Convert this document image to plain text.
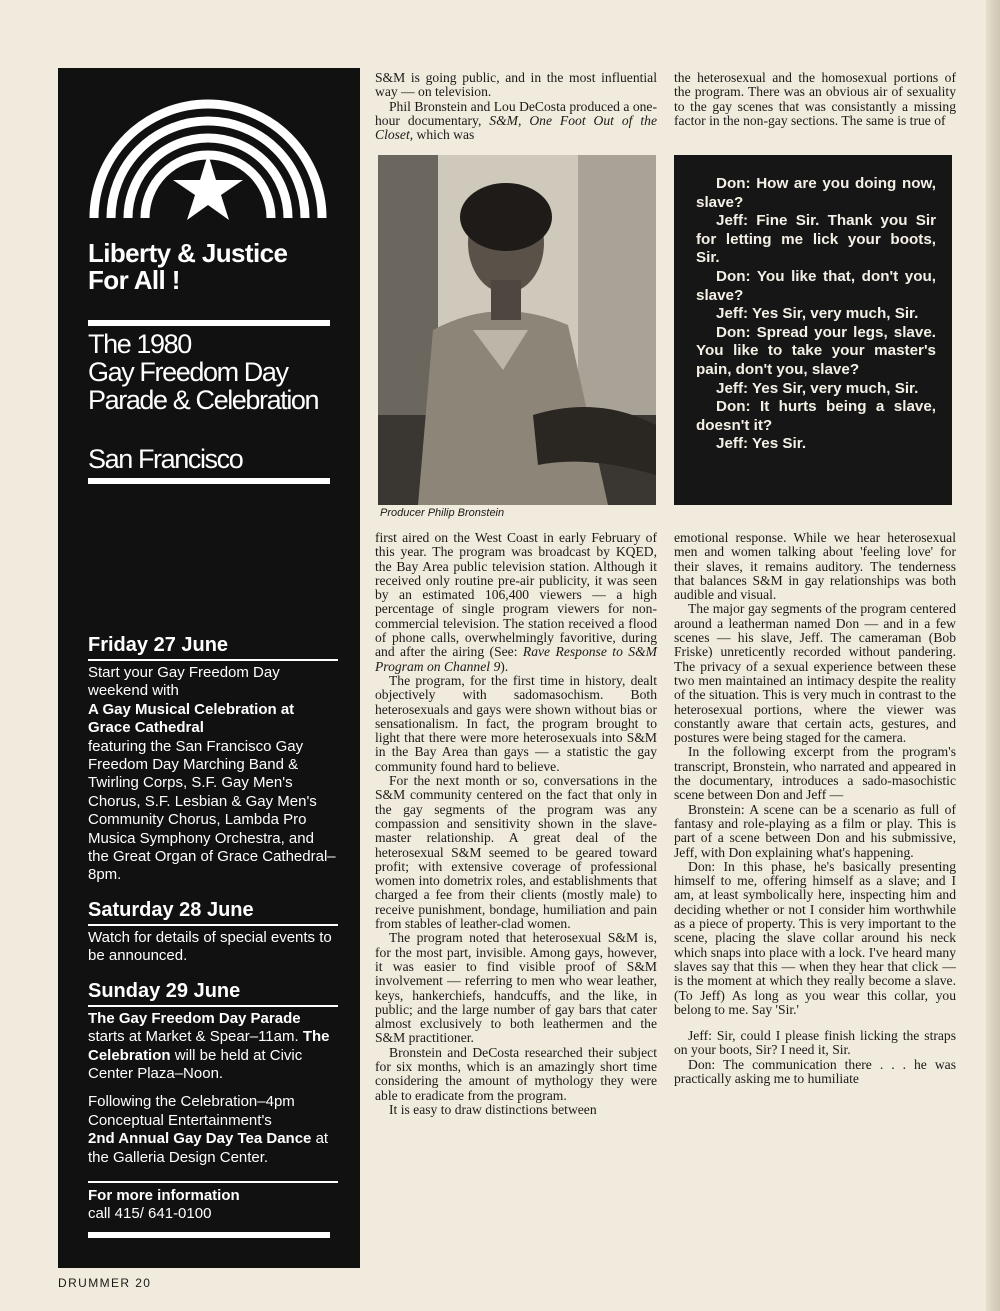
Liberty & Justice
For All !
The 1980
Gay Freedom Day
Parade & Celebration
San Francisco
Friday 27 June

Start your Gay Freedom Day weekend with
A Gay Musical Celebration at Grace Cathedral
featuring the San Francisco Gay Freedom Day Marching Band & Twirling Corps, S.F. Gay Men's Chorus, S.F. Lesbian & Gay Men's Community Chorus, Lambda Pro Musica Symphony Orchestra, and the Great Organ of Grace Cathedral–8pm.

Saturday 28 June

Watch for details of special events to be announced.

Sunday 29 June

The Gay Freedom Day Parade starts at Market & Spear–11am. The Celebration will be held at Civic Center Plaza–Noon.

Following the Celebration–4pm Conceptual Entertainment's
2nd Annual Gay Day Tea Dance at the Galleria Design Center.

For more information
call 415/ 641-0100

S&M is going public, and in the most influential way — on television.

Phil Bronstein and Lou DeCosta produced a one-hour documentary, S&M, One Foot Out of the Closet, which was

Producer Philip Bronstein

first aired on the West Coast in early February of this year. The program was broadcast by KQED, the Bay Area public television station. Although it received only routine pre-air publicity, it was seen by an estimated 106,400 viewers — a high percentage of single program viewers for non-commercial television. The station received a flood of phone calls, overwhelmingly favoritive, during and after the airing (See: Rave Response to S&M Program on Channel 9).

The program, for the first time in history, dealt objectively with sadomasochism. Both heterosexuals and gays were shown without bias or sensationalism. In fact, the program brought to light that there were more heterosexuals into S&M in the Bay Area than gays — a statistic the gay community found hard to believe.

For the next month or so, conversations in the S&M community centered on the fact that only in the gay segments of the program was any compassion and sensitivity shown in the slave-master relationship. A great deal of the heterosexual S&M seemed to be geared toward profit; with extensive coverage of professional women into dometrix roles, and establishments that charged a fee from their clients (mostly male) to receive punishment, bondage, humiliation and pain from stables of leather-clad women.

The program noted that heterosexual S&M is, for the most part, invisible. Among gays, however, it was easier to find visible proof of S&M involvement — referring to men who wear leather, keys, hankerchiefs, handcuffs, and the like, in public; and the large number of gay bars that cater almost exclusively to both leathermen and the S&M practitioner.

Bronstein and DeCosta researched their subject for six months, which is an amazingly short time considering the amount of mythology they were able to eradicate from the program.

It is easy to draw distinctions between

the heterosexual and the homosexual portions of the program. There was an obvious air of sexuality to the gay scenes that was consistantly a missing factor in the non-gay sections. The same is true of

Don: How are you doing now, slave?
Jeff: Fine Sir. Thank you Sir for letting me lick your boots, Sir.
Don: You like that, don't you, slave?
Jeff: Yes Sir, very much, Sir.
Don: Spread your legs, slave. You like to take your master's pain, don't you, slave?
Jeff: Yes Sir, very much, Sir.
Don: It hurts being a slave, doesn't it?
Jeff: Yes Sir.

emotional response. While we hear heterosexual men and women talking about 'feeling love' for their slaves, it remains auditory. The tenderness that balances S&M in gay relationships was both audible and visual.

The major gay segments of the program centered around a leatherman named Don — and in a few scenes — his slave, Jeff. The cameraman (Bob Friske) unreticently recorded without pandering. The privacy of a sexual experience between these two men maintained an intimacy despite the reality of the situation. This is very much in contrast to the heterosexual portions, where the viewer was constantly aware that certain acts, gestures, and postures were being staged for the camera.

In the following excerpt from the program's transcript, Bronstein, who narrated and appeared in the documentary, introduces a sado-masochistic scene between Don and Jeff —

Bronstein: A scene can be a scenario as full of fantasy and role-playing as a film or play. This is part of a scene between Don and his submissive, Jeff, with Don explaining what's happening.

Don: In this phase, he's basically presenting himself to me, offering himself as a slave; and I am, at least symbolically here, inspecting him and deciding whether or not I consider him worthwhile as a piece of property. This is very important to the scene, placing the slave collar around his neck which snaps into place with a lock. I've heard many slaves say that this — when they hear that click — is the moment at which they really become a slave. (To Jeff) As long as you wear this collar, you belong to me. Say 'Sir.'

Jeff: Sir, could I please finish licking the straps on your boots, Sir? I need it, Sir.

Don: The communication there . . . he was practically asking me to humiliate

DRUMMER 20
